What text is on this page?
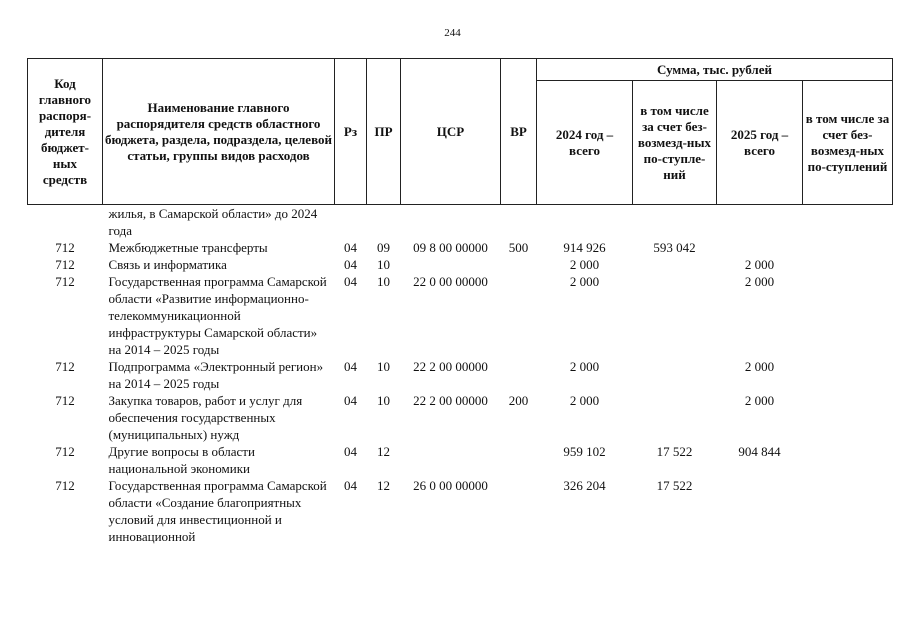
244
Код главного распоря-дителя бюджет-ных средств	Наименование главного распорядителя средств областного бюджета, раздела, подраздела, целевой статьи, группы видов расходов	Рз	ПР	ЦСР	ВР	Сумма, тыс. рублей			
						2024 год – всего	в том числе за счет без-возмезд-ных по-ступле-ний	2025 год – всего	в том числе за счет без-возмезд-ных по-ступлений
	жилья, в Самарской области» до 2024 года								
712	Межбюджетные трансферты	04	09	09 8 00 00000	500	914 926	593 042		
712	Связь и информатика	04	10			2 000		2 000	
712	Государственная программа Самарской области «Развитие информационно-телекоммуникационной инфраструктуры Самарской области» на 2014 – 2025 годы	04	10	22 0 00 00000		2 000		2 000	
712	Подпрограмма «Электронный регион» на 2014 – 2025 годы	04	10	22 2 00 00000		2 000		2 000	
712	Закупка товаров, работ и услуг для обеспечения государственных (муниципальных) нужд	04	10	22 2 00 00000	200	2 000		2 000	
712	Другие вопросы в области национальной экономики	04	12			959 102	17 522	904 844	
712	Государственная программа Самарской области «Создание благоприятных условий для инвестиционной и инновационной	04	12	26 0 00 00000		326 204	17 522		
